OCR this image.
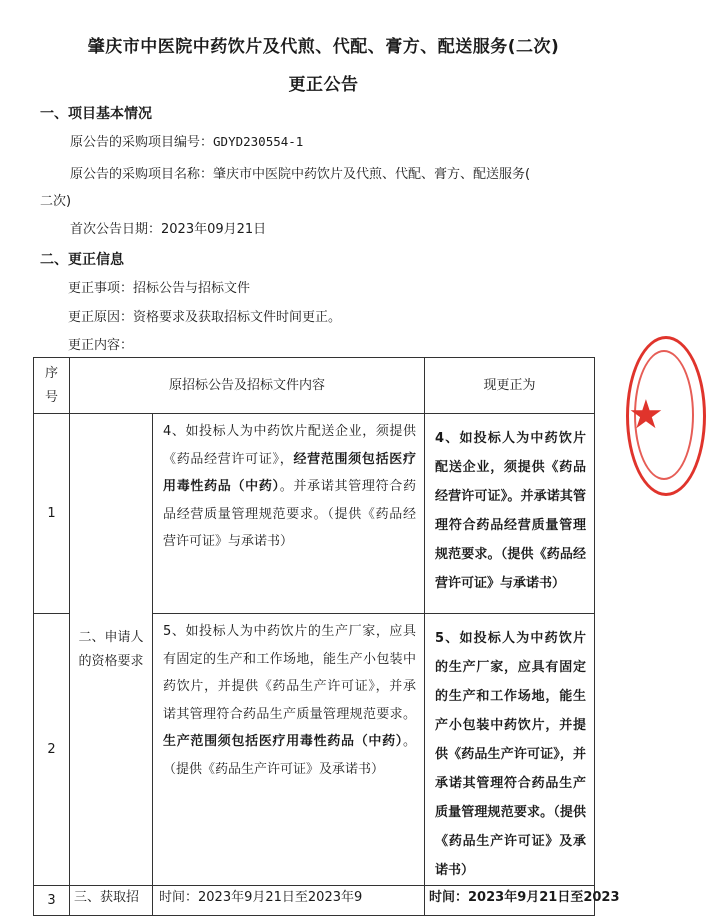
肇庆市中医院中药饮片及代煎、代配、膏方、配送服务(二次)
更正公告
一、项目基本情况
原公告的采购项目编号：GDYD230554-1
原公告的采购项目名称：肇庆市中医院中药饮片及代煎、代配、膏方、配送服务(
二次)
首次公告日期：2023年09月21日
二、更正信息
更正事项：招标公告与招标文件
更正原因：资格要求及获取招标文件时间更正。
更正内容：
序
号	原招标公告及招标文件内容		现更正为
1	二、申请人的资格要求	4、如投标人为中药饮片配送企业，须提供《药品经营许可证》，经营范围须包括医疗用毒性药品（中药）。并承诺其管理符合药品经营质量管理规范要求。（提供《药品经营许可证》与承诺书）	4、如投标人为中药饮片配送企业，须提供《药品经营许可证》。并承诺其管理符合药品经营质量管理规范要求。（提供《药品经营许可证》与承诺书）
2		5、如投标人为中药饮片的生产厂家，应具有固定的生产和工作场地，能生产小包装中药饮片，并提供《药品生产许可证》，并承诺其管理符合药品生产质量管理规范要求。生产范围须包括医疗用毒性药品（中药）。（提供《药品生产许可证》及承诺书）	5、如投标人为中药饮片的生产厂家，应具有固定的生产和工作场地，能生产小包装中药饮片，并提供《药品生产许可证》，并承诺其管理符合药品生产质量管理规范要求。（提供《药品生产许可证》及承诺书）
3	三、获取招	时间：2023年9月21日至2023年9	时间：2023年9月21日至2023
★
